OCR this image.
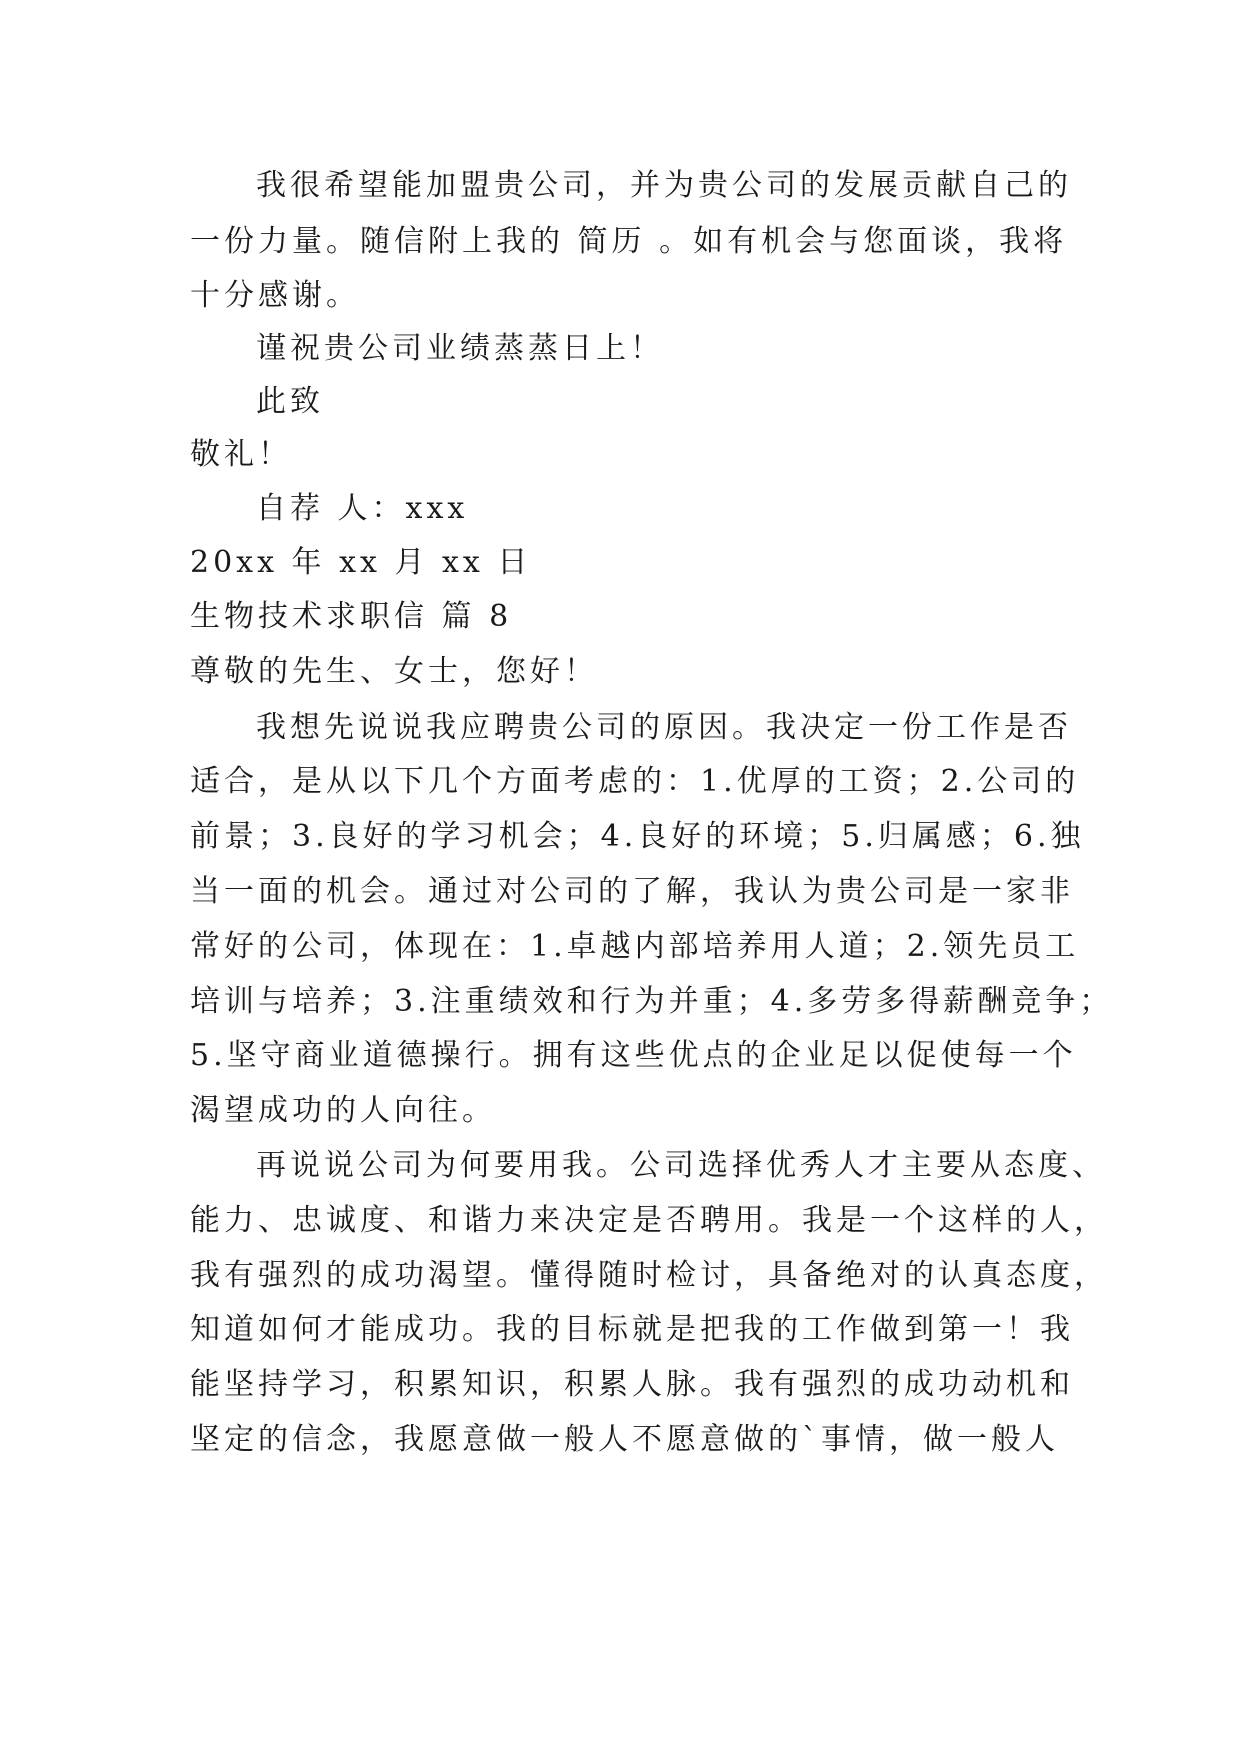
我很希望能加盟贵公司，并为贵公司的发展贡献自己的
一份力量。随信附上我的 简历 。如有机会与您面谈，我将
十分感谢。
谨祝贵公司业绩蒸蒸日上！
此致
敬礼！
自荐 人：xxx
20xx 年 xx 月 xx 日
生物技术求职信 篇 8
尊敬的先生、女士，您好！
我想先说说我应聘贵公司的原因。我决定一份工作是否
适合，是从以下几个方面考虑的：1.优厚的工资；2.公司的
前景；3.良好的学习机会；4.良好的环境；5.归属感；6.独
当一面的机会。通过对公司的了解，我认为贵公司是一家非
常好的公司，体现在：1.卓越内部培养用人道；2.领先员工
培训与培养；3.注重绩效和行为并重；4.多劳多得薪酬竞争；
5.坚守商业道德操行。拥有这些优点的企业足以促使每一个
渴望成功的人向往。
再说说公司为何要用我。公司选择优秀人才主要从态度、
能力、忠诚度、和谐力来决定是否聘用。我是一个这样的人，
我有强烈的成功渴望。懂得随时检讨，具备绝对的认真态度，
知道如何才能成功。我的目标就是把我的工作做到第一！我
能坚持学习，积累知识，积累人脉。我有强烈的成功动机和
坚定的信念，我愿意做一般人不愿意做的`事情，做一般人
